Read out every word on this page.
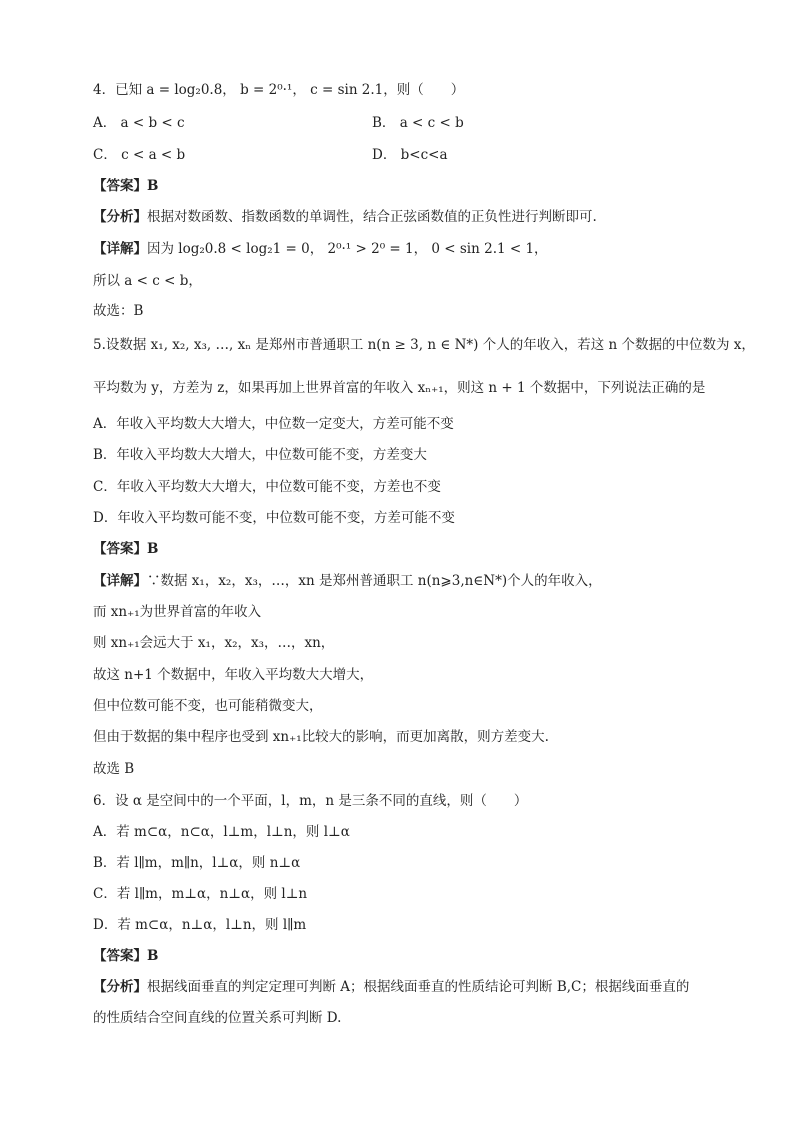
4．已知 a = log₂0.8， b = 2⁰·¹， c = sin 2.1，则（　　）
A． a < b < c	B． a < c < b
C． c < a < b	D． b<c<a
【答案】B
【分析】根据对数函数、指数函数的单调性，结合正弦函数值的正负性进行判断即可.
【详解】因为 log₂0.8 < log₂1 = 0， 2⁰·¹ > 2⁰ = 1， 0 < sin 2.1 < 1，
所以 a < c < b，
故选：B
5.设数据 x₁, x₂, x₃, …, xₙ 是郑州市普通职工 n(n ≥ 3, n ∈ N*) 个人的年收入，若这 n 个数据的中位数为 x，
平均数为 y，方差为 z，如果再加上世界首富的年收入 xₙ₊₁，则这 n + 1 个数据中，下列说法正确的是
A．年收入平均数大大增大，中位数一定变大，方差可能不变
B．年收入平均数大大增大，中位数可能不变，方差变大
C．年收入平均数大大增大，中位数可能不变，方差也不变
D．年收入平均数可能不变，中位数可能不变，方差可能不变
【答案】B
【详解】∵数据 x₁，x₂，x₃，…，xn 是郑州普通职工 n(n⩾3,n∈N*)个人的年收入，
而 xn₊₁为世界首富的年收入
则 xn₊₁会远大于 x₁，x₂，x₃，…，xn，
故这 n+1 个数据中，年收入平均数大大增大，
但中位数可能不变，也可能稍微变大，
但由于数据的集中程序也受到 xn₊₁比较大的影响，而更加离散，则方差变大.
故选 B
6．设 α 是空间中的一个平面，l，m，n 是三条不同的直线，则（　　）
A．若 m⊂α，n⊂α，l⊥m，l⊥n，则 l⊥α
B．若 l∥m，m∥n，l⊥α，则 n⊥α
C．若 l∥m，m⊥α，n⊥α，则 l⊥n
D．若 m⊂α，n⊥α，l⊥n，则 l∥m
【答案】B
【分析】根据线面垂直的判定定理可判断 A；根据线面垂直的性质结论可判断 B,C；根据线面垂直的
的性质结合空间直线的位置关系可判断 D.
